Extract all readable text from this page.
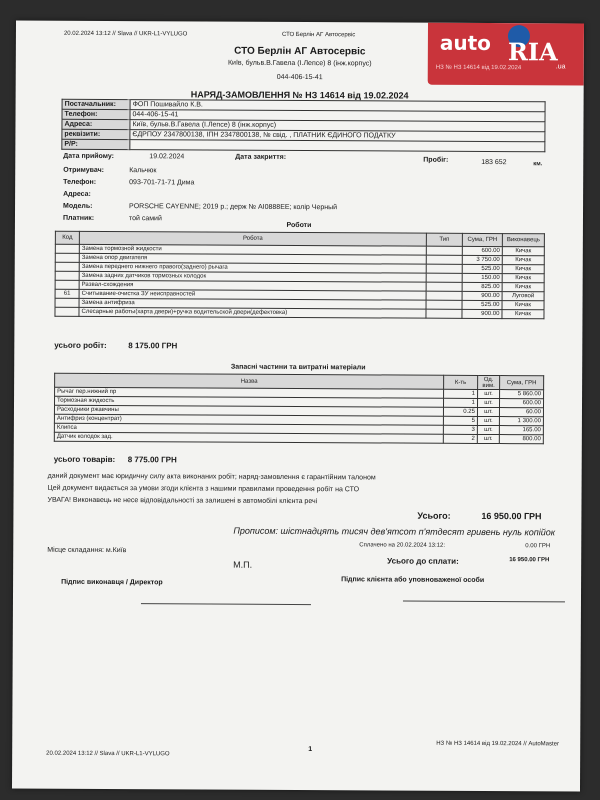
20.02.2024 13:12 // Slava // UKR-L1-VYLUGO	СТО Берлін АГ Автосервіс	auto RIA
НЗ № НЗ 14614 від 19.02.2024	.ua
СТО Берлін АГ Автосервіс
Київ, бульв.В.Гавела (І.Лепсе) 8 (інж.корпус)
044-406-15-41
НАРЯД-ЗАМОВЛЕННЯ № НЗ 14614 від 19.02.2024
Постачальник:	ФОП Пошивайло К.В.
Телефон:	044-406-15-41
Адреса:	Київ, бульв.В.Гавела (І.Лепсе) 8 (інж.корпус)
реквізити:	ЄДРПОУ 2347800138, ІПН 2347800138, № свід. , ПЛАТНИК ЄДИНОГО ПОДАТКУ
Р/Р:	
Дата прийому:	19.02.2024	Дата закриття:	Пробіг:	183 652	км.
Отримувач:	Кальчюк
Телефон:	093-701-71-71 Дима
Адреса:
Модель:	PORSCHE CAYENNE; 2019 р.; держ № АІ0888ЕЕ; колір Черный
Платник:	той самий
Роботи
Код	Робота	Тип	Сума, ГРН	Виконавець
	Замена тормозной жидкости		600.00	Кичак
	Замена опор двигателя		3 750.00	Кичак
	Замена переднего нижнего правого(заднего) рычага		525.00	Кичак
	Замена задних датчиков тормозных колодок		150.00	Кичак
	Развал-схождения		825.00	Кичак
61	Считывание-очистка ЗУ неисправностей		900.00	Луговой
	Замена антифриза		525.00	Кичак
	Слесарные работы(харта двери)+ручка водительской двери(дефектовка)		900.00	Кичак
усього робіт:	8 175.00 ГРН
Запасні частини та витратні матеріали
Назва	К-ть	Од. вим.	Сума, ГРН
Рычаг пер.нижний пр	1	шт.	5 860.00
Тормозная жидкость	1	шт.	600.00
Расходники ржавчины	0.25	шт.	60.00
Антифриз (концентрат)	5	шт.	1 300.00
Клипса	3	шт.	165.00
Датчик колодок зад.	2	шт.	800.00
усього товарів: 8 775.00 ГРН
даний документ має юридичну силу акта виконаних робіт; наряд-замовлення є гарантійним талоном
Цей документ видається за умови згоди клієнта з нашими правилами проведення робіт на СТО
УВАГА! Виконавець не несе відповідальності за залишені в автомобілі клієнта речі
Усього:	16 950.00 ГРН
Прописом: шістнадцять тисяч дев'ятсот п'ятдесят гривень нуль копійок
Сплачено на 20.02.2024 13:12:	0.00 ГРН
Усього до сплати:	16 950.00 ГРН
Місце складання: м.Київ
М.П.
Підпис виконавця / Директор	Підпис клієнта або уповноваженої особи
20.02.2024 13:12 // Slava // UKR-L1-VYLUGO
1
НЗ № НЗ 14614 від 19.02.2024 // AutoMaster
